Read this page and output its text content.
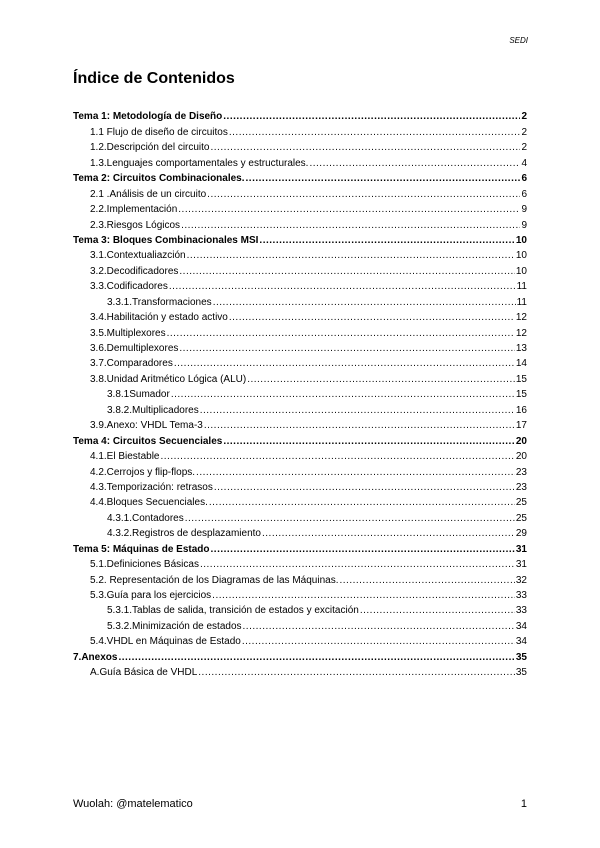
SEDI
Índice de Contenidos
Tema 1: Metodología de Diseño .....	2
1.1 Flujo de diseño de circuitos .....	2
1.2.Descripción del circuito .....	2
1.3.Lenguajes comportamentales y estructurales. .....	4
Tema 2: Circuitos Combinacionales. .....	6
2.1 .Análisis de un circuito .....	6
2.2.Implementación .....	9
2.3.Riesgos Lógicos .....	9
Tema 3: Bloques Combinacionales MSI .....	10
3.1.Contextualiazción .....	10
3.2.Decodificadores .....	10
3.3.Codificadores .....	11
3.3.1.Transformaciones .....	11
3.4.Habilitación y estado activo .....	12
3.5.Multiplexores .....	12
3.6.Demultiplexores .....	13
3.7.Comparadores .....	14
3.8.Unidad Aritmético Lógica (ALU) .....	15
3.8.1Sumador .....	15
3.8.2.Multiplicadores .....	16
3.9.Anexo: VHDL Tema-3 .....	17
Tema 4: Circuitos Secuenciales .....	20
4.1.El Biestable .....	20
4.2.Cerrojos y flip-flops. .....	23
4.3.Temporización: retrasos .....	23
4.4.Bloques Secuenciales. .....	25
4.3.1.Contadores .....	25
4.3.2.Registros de desplazamiento .....	29
Tema 5: Máquinas de Estado .....	31
5.1.Definiciones Básicas .....	31
5.2. Representación de los Diagramas de las Máquinas. .....	32
5.3.Guía para los ejercicios .....	33
5.3.1.Tablas de salida, transición de estados y excitación .....	33
5.3.2.Minimización de estados .....	34
5.4.VHDL en Máquinas de Estado .....	34
7.Anexos .....	35
A.Guía Básica de VHDL .....	35
Wuolah: @matelematico	1
